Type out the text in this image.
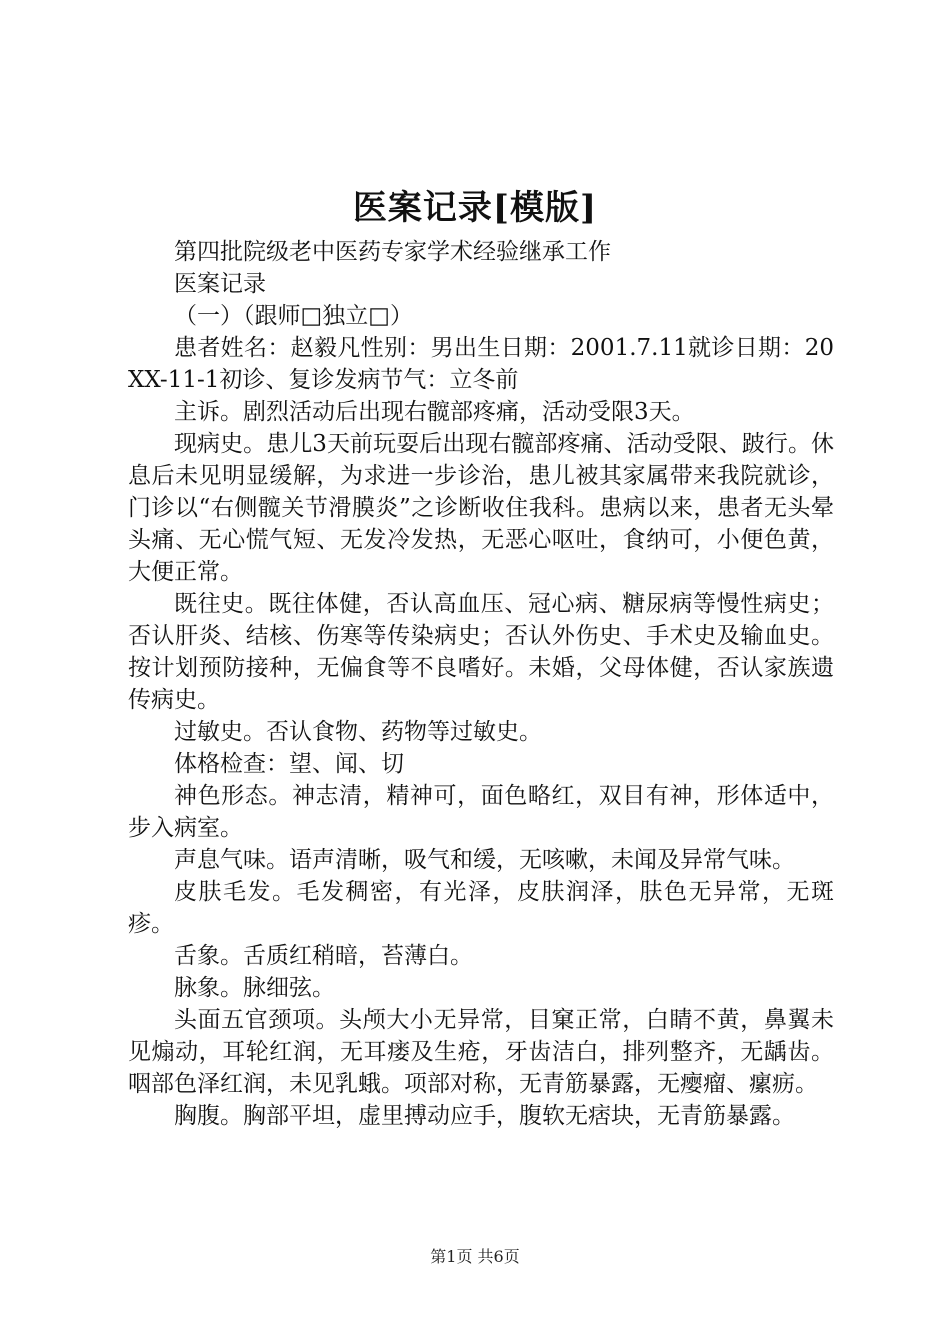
医案记录[模版]

第四批院级老中医药专家学术经验继承工作

医案记录

（一）（跟师□独立□）

患者姓名：赵毅凡性别：男出生日期：2001.7.11就诊日期：20XX-11-1初诊、复诊发病节气：立冬前

主诉。剧烈活动后出现右髋部疼痛，活动受限3天。

现病史。患儿3天前玩耍后出现右髋部疼痛、活动受限、跛行。休息后未见明显缓解，为求进一步诊治，患儿被其家属带来我院就诊，门诊以“右侧髋关节滑膜炎”之诊断收住我科。患病以来，患者无头晕头痛、无心慌气短、无发冷发热，无恶心呕吐，食纳可，小便色黄，大便正常。

既往史。既往体健，否认高血压、冠心病、糖尿病等慢性病史；否认肝炎、结核、伤寒等传染病史；否认外伤史、手术史及输血史。按计划预防接种，无偏食等不良嗜好。未婚，父母体健，否认家族遗传病史。

过敏史。否认食物、药物等过敏史。

体格检查：望、闻、切

神色形态。神志清，精神可，面色略红，双目有神，形体适中，步入病室。

声息气味。语声清晰，吸气和缓，无咳嗽，未闻及异常气味。

皮肤毛发。毛发稠密，有光泽，皮肤润泽，肤色无异常，无斑疹。

舌象。舌质红稍暗，苔薄白。

脉象。脉细弦。

头面五官颈项。头颅大小无异常，目窠正常，白睛不黄，鼻翼未见煽动，耳轮红润，无耳瘘及生疮，牙齿洁白，排列整齐，无龋齿。咽部色泽红润，未见乳蛾。项部对称，无青筋暴露，无瘿瘤、瘰疬。

胸腹。胸部平坦，虚里搏动应手，腹软无痞块，无青筋暴露。

第1页 共6页
